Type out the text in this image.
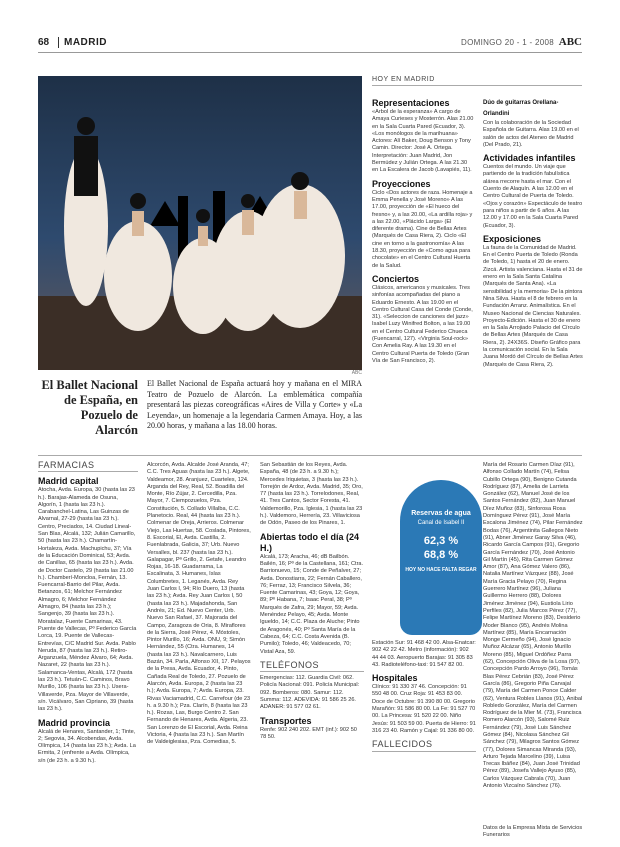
68	MADRID	DOMINGO 20 - 1 - 2008 ABC
ABC
El Ballet Nacional de España, en Pozuelo de Alarcón
El Ballet Nacional de España actuará hoy y mañana en el MIRA Teatro de Pozuelo de Alarcón. La emblemática compañía presentará las piezas coreográficas «Aires de Villa y Corte» y «La Leyenda», un homenaje a la legendaria Carmen Amaya. Hoy, a las 20.00 horas, y mañana a las 18.00 horas.
HOY EN MADRID
Representaciones

«Arbol de la esperanza» A cargo de Amaya Curieses y Mosterrón. Alas 21.00 en la Sala Cuarta Pared (Ecuador, 3). «Los monólogos de la marihuana» Actores: Alí Baker, Doug Benson y Tony Camin. Director: José A. Ortega. Interpretación: Juan Madrid, Jon Bermúdez y Julián Ortega. A las 21.30 en La Escalera de Jacob (Lavapiés, 11).

Proyecciones

Ciclo «Dos actores de raza. Homenaje a Emma Penella y José Moreno» A las 17.00, proyección de «El hueco del fresno» y, a las 20.00, «La ardilla roja» y a las 22.00, «Plácido Larga» (El diferente drama). Cine de Bellas Artes (Marqués de Casa Riera, 2). Ciclo «El cine en torno a la gastronomía» A las 18.30, proyección de «Como agua para chocolate» en el Centro Cultural Huerta de la Salud.

Conciertos

Clásicos, americanos y musicales. Tres sinfonías acompañadas del piano a Eduardo Ernesto. A las 19.00 en el Centro Cultural Casa del Conde (Conde, 31). «Seleccion de canciones del jazz» Isabel Luzy Winifred Bolton, a las 19.00 en el Centro Cultural Federico Chueca (Fuencarral, 127). «Virginia Soul-rock» Con Amelia Ray. A las 19.30 en el Centro Cultural Puerta de Toledo (Gran Vía de San Francisco, 2).

Dúo de guitarras Orellana-Orlandini

Con la colaboración de la Sociedad Española de Guitarra. Alas 19.00 en el salón de actos del Ateneo de Madrid (Del Prado, 21).

Actividades infantiles

Cuentos del mundo. Un viaje que partiendo de la tradición fabulística alárea rrecorre hasta el mar. Con el Cuento de Alaquín. A las 12.00 en el Centro Cultural de Puerta de Toledo. «Ojos y corazón» Espectáculo de teatro para niños a partir de 6 años. A las 12.00 y 17.00 en la Sala Cuarta Pared (Ecuador, 3).

Exposiciones

La fauna de la Comunidad de Madrid. En el Centro Puerta de Toledo (Ronda de Toledo, 1) hasta el 20 de enero. Zizcá. Artista valenciana. Hasta el 31 de enero en la Sala Santa Catalina (Marqués de Santa Ana). «La sensibilidad y la memoria» De la pintora Nina Silva. Hasta el 8 de febrero en la Fundación Arranz. Animalística. En el Museo Nacional de Ciencias Naturales. Proyecto-Edición. Hasta el 30 de enero en la Sala Arrojiado Palacio del Círculo de Bellas Artes (Marqués de Casa Riera, 2). 24X36S. Diseño Gráfico para la comunicación social. En la Sala Juana Mordó del Círculo de Bellas Artes (Marqués de Casa Riera, 2).

FARMACIAS
Madrid capital

Atocha, Avda. Europa, 30 (hasta las 23 h.). Barajas-Alameda de Osuna, Algorín, 1 (hasta las 23 h.). Carabanchel-Latina, Las Guinzas de Alvarnal, 27-29 (hasta las 23 h.). Centro, Preciados, 14. Ciudad Lineal-San Blas, Alcalá, 132; Julián Camarillo, 50 (hasta las 23 h.). Chamartín-Hortaleza, Avda. Machupichu, 37; Vía de la Educación Dominical, 53; Avda. de Canillas, 65 (hasta las 23 h.). Avda. de Doctor Castelo, 29 (hasta las 21.00 h.). Chamberí-Moncloa, Fernán, 13. Fuencarral-Barrio del Pilar, Avda. Betanzos, 61; Melchor Fernández Almagro, 6; Melchor Fernández Almagro, 84 (hasta las 23 h.); Sangenjo, 39 (hasta las 23 h.). Moratalaz, Fuente Camarinas, 43. Puente de Vallecas, Pº Federico García Lorca, 19. Puente de Vallecas-Entrevías, C/C Madrid Sur. Avda. Pablo Neruda, 87 (hasta las 23 h.). Retiro-Arganzuela, Méndez Álvaro, 64; Avda. Nazaret, 22 (hasta las 23 h.). Salamanca-Ventas, Alcalá, 172 (hasta las 23 h.). Tetuán-C. Caminos, Bravo Murillo, 106 (hasta las 23 h.). Usera-Villaverde, Pza. Mayor de Villaverde, s/n. Vicálvaro, San Cipriano, 39 (hasta las 23 h.).

Madrid provincia

Alcalá de Henares, Santander, 1; Tinte, 2; Segovia, 34. Alcobendas, Avda. Olímpica, 14 (hasta las 23 h.); Avda. La Ermita, 2 (enfrente a Avda. Olímpica, s/n (de 23 h. a 9.30 h.).

Alcorcón, Avda. Alcalde José Aranda, 47; C.C. Tres Aguas (hasta las 23 h.). Algete, Valdeamor, 28. Aranjuez, Cuarteles, 124. Arganda del Rey, Real, 52. Boadilla del Monte, Río Zújar, 2. Cercedilla, Pza. Mayor, 7. Ciempozuelos, Pza. Constitución, 5. Collado Villalba, C.C. Planetocio. Real, 44 (hasta las 23 h.). Colmenar de Oreja, Arrieros. Colmenar Viejo, Las Huertas, 58. Coslada, Pintores, 8. Escorial, El, Avda. Castilla, 2. Fuenlabrada, Galicia, 37; Urb. Nuevo Versalles, bl. 237 (hasta las 23 h.). Galapagar, Pª Grillo, 2. Getafe, Leandro Rojas, 16-18. Guadarrama, La Escalinata, 3. Humanes, Islas Columbretes, 1. Leganés, Avda. Rey Juan Carlos I, 94; Río Duero, 13 (hasta las 23 h.); Avda. Rey Juan Carlos I, 50 (hasta las 23 h.). Majadahonda, San Andrés, 21; Ed. Nuevo Center, Urb. Nuevo San Rafael, 37. Majorada del Campo, Zaragoza de Oria, 8. Miraflores de la Sierra, José Pérez, 4. Móstoles, Pintor Murillo, 16; Avda. ONU, 9; Simón Hernández, 55 (Ctra. Humanes, 14 (hasta las 23 h.). Navalcarnero, Luis Bazán, 34. Parla, Alfonso XII, 17. Pelayos de la Presa, Avda. Ecuador, 4. Pinto, Cañada Real de Toledo, 27. Pozuelo de Alarcón, Avda. Europa, 2 (hasta las 23 h.); Avda. Europa, 7; Avda. Europa, 23. Rivas Vaciamadrid, C.C. Carrefour (de 23 h. a 9.30 h.); Pza. Clarín, 8 (hasta las 23 h.). Rozas, Las, Burgo Centro 2. San Fernando de Henares, Avda. Algeria, 23. San Lorenzo de El Escorial, Avda. Reina Victoria, 4 (hasta las 23 h.). San Martín de Valdeiglesias, Pza. Comedias, 5.

San Sebastián de los Reyes, Avda. España, 48 (de 23 h. a 9.30 h.); Mercedes Iriquietas, 3 (hasta las 23 h.). Torrejón de Ardoz, Avda. Madrid, 35; Oro, 77 (hasta las 23 h.). Torrelodones, Real, 41. Tres Cantos, Sector Foresta, 41. Valdemorillo, Pza. Iglesia, 1 (hasta las 23 h.). Valdemoro, Herrería, 23. Villaviciosa de Odón, Paseo de los Pinares, 1.

Abiertas todo el día (24 H.)

Alcalá, 173; Aracha, 46; dB Bailbón. Bailén, 16; Pº de la Castellana, 161; Ctra. Barrionuevo, 15; Conde de Peñalver, 27; Avda. Donostiarra, 22; Fernán Caballero, 76; Ferraz, 13; Francisco Silvela, 36; Fuente Camarinas, 43; Goya, 12; Goya, 89; Pº Habana, 7; Isaac Peral, 38; Pº Marqués de Zafra, 29; Mayor, 59; Avda. Menéndez Pelayo, 45; Avda. Monte Igueldo, 14; C.C. Plaza de Aluche; Pinto de Aragonés, 40; Pº Santa María de la Cabeza, 64; C.C. Costa Avenida (B. Pumilo); Toledo, 46; Valdeacedo, 70; Vistal Aza, 59.

TELÉFONOS

Emergencias: 112. Guardia Civil: 062. Policía Nacional: 091. Policía Municipal: 092. Bomberos: 080. Samur: 112. Summa: 112. ADEVIDA: 91 586 25 26. ADANER: 91 577 02 61.

Transportes

Renfe: 902 240 202. EMT (inf.): 902 50 78 50.

Reservas de agua
Canal de Isabel II
62,3 %
68,8 %
HOY NO HACE FALTA REGAR

Estación Sur: 91 468 42 00. Alsa-Enatcar: 902 42 22 42. Metro (información): 902 44 44 03. Aeropuerto Barajas: 91 305 83 43. Radioteléfono-taxi: 91 547 82 00.

Hospitales

Clínico: 91 330 37 46. Concepción: 91 550 48 00. Cruz Roja: 91 453 83 00. Doce de Octubre: 91 390 80 00. Gregorio Marañón: 91 586 80 00. La Fe: 91 527 70 00. La Princesa: 91 520 22 00. Niño Jesús: 91 503 59 00. Puerta de Hierro: 91 316 23 40. Ramón y Cajal: 91 336 80 00.

FALLECIDOS

María del Rosario Carmen Díaz (91), Alfonso Collado Martín (74), Felisa Cubillo Ortega (90), Benigno Cutanda Rodríguez (87), Amelia de Larrieta González (62), Manuel José de los Santos Fernández (82), Juan Manuel Díez Muñoz (83), Sinforosa Rosa Domínguez Pérez (91), José María Escalona Jiménez (74), Pilar Fernández Bodas (76), Argentinita Gallegos Nieto (91), Abner Jiménez Garay Silva (46), Ricardo García Campos (91), Gregorio García Fernández (70), José Antonio Gil Martín (45), Rita Carmen Gómez Amor (87), Ana Gómez Valero (86), Natalia Martínez Vázquez (88), José María Gracia Pelayo (70), Regina Guerrero Martínez (96), Juliana Guillermo Herrero (88), Dolores Jiménez Jiménez (94), Eustiola Lirio Perfiles (82), Julia Marcos Pérez (77), Felipe Martínez Moreno (83), Desiderio Moder Blanco (95), Andrés Molina Martínez (85), María Encarnación Monge Cermeño (94), José Ignacio Muñoz Alcázar (65), Antonio Murillo Moreno (85), Miguel Ordóñez Parra (62), Concepción Oliva de la Losa (97), Concepción Pardo Arroyo (96), Tomás Blas Pérez Cebrián (83), José Pérez García (86), Gregorio Piña Carvajal (79), María del Carmen Ponce Calder (62), Ventura Robles Llanos (91), Anibal Robledo González, María del Carmen Rodríguez de la Mier M. (73), Francisca Romero Alarcón (93), Salomé Ruiz Fernández (79), José Luis Sánchez Gómez (84), Nicolasa Sánchez Gil Sánchez (79), Milagros Santos Gómez (77), Dolores Simancas Miranda (93), Arturo Tejada Marcelino (39), Luisa Trecas Ibáñez (84), Juan José Trinidad Pérez (89), Josefa Vallejo Ayuso (85), Carlos Vázquez Cabrala (70), Juan Antonio Vizcaíno Sánchez (76).

Datos de la Empresa Mixta de Servicios Funerarios
